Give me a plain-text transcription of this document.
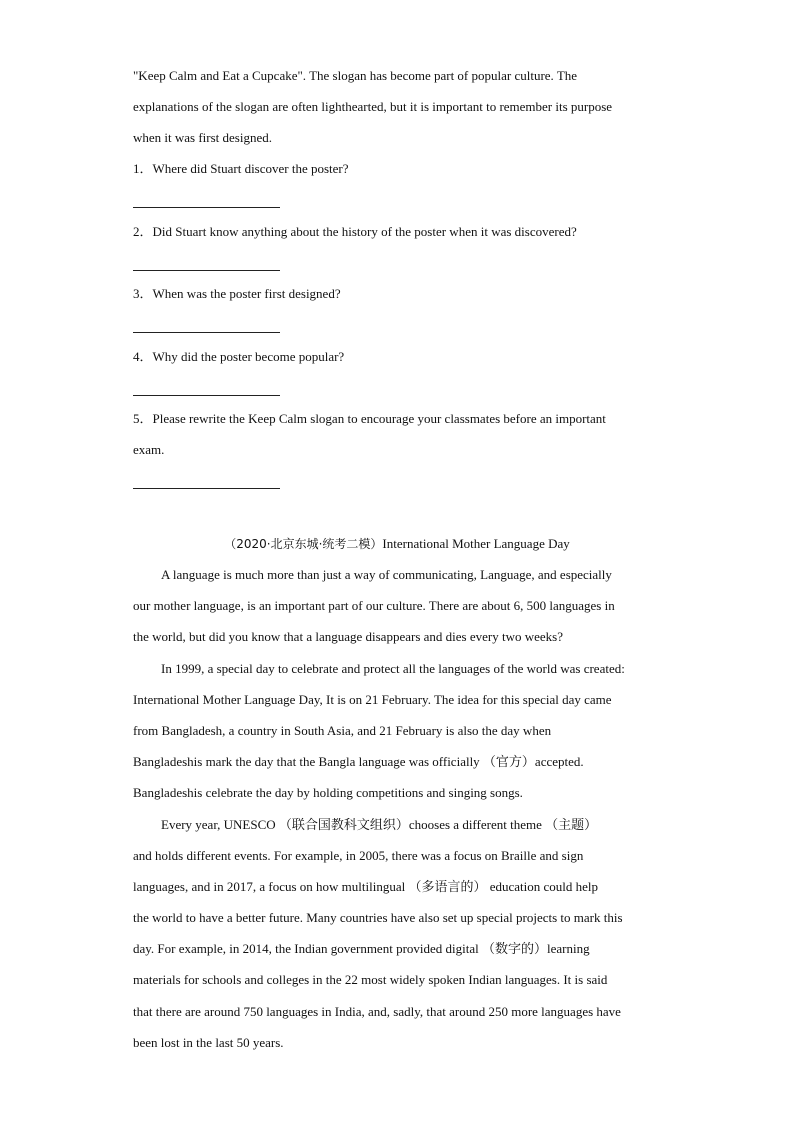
"Keep Calm and Eat a Cupcake". The slogan has become part of popular culture. The
explanations of the slogan are often lighthearted, but it is important to remember its purpose
when it was first designed.
1．Where did Stuart discover the poster?
2．Did Stuart know anything about the history of the poster when it was discovered?
3．When was the poster first designed?
4．Why did the poster become popular?
5．Please rewrite the Keep Calm slogan to encourage your classmates before an important
exam.
（2020·北京东城·统考二模）International Mother Language Day
A language is much more than just a way of communicating, Language, and especially
our mother language, is an important part of our culture. There are about 6, 500 languages in
the world, but did you know that a language disappears and dies every two weeks?
In 1999, a special day to celebrate and protect all the languages of the world was created:
International Mother Language Day, It is on 21 February. The idea for this special day came
from Bangladesh, a country in South Asia, and 21 February is also the day when
Bangladeshis mark the day that the Bangla language was officially （官方）accepted.
Bangladeshis celebrate the day by holding competitions and singing songs.
Every year, UNESCO （联合国教科文组织）chooses a different theme （主题）
and holds different events. For example, in 2005, there was a focus on Braille and sign
languages, and in 2017, a focus on how multilingual （多语言的） education could help
the world to have a better future. Many countries have also set up special projects to mark this
day. For example, in 2014, the Indian government provided digital （数字的）learning
materials for schools and colleges in the 22 most widely spoken Indian languages. It is said
that there are around 750 languages in India, and, sadly, that around 250 more languages have
been lost in the last 50 years.
